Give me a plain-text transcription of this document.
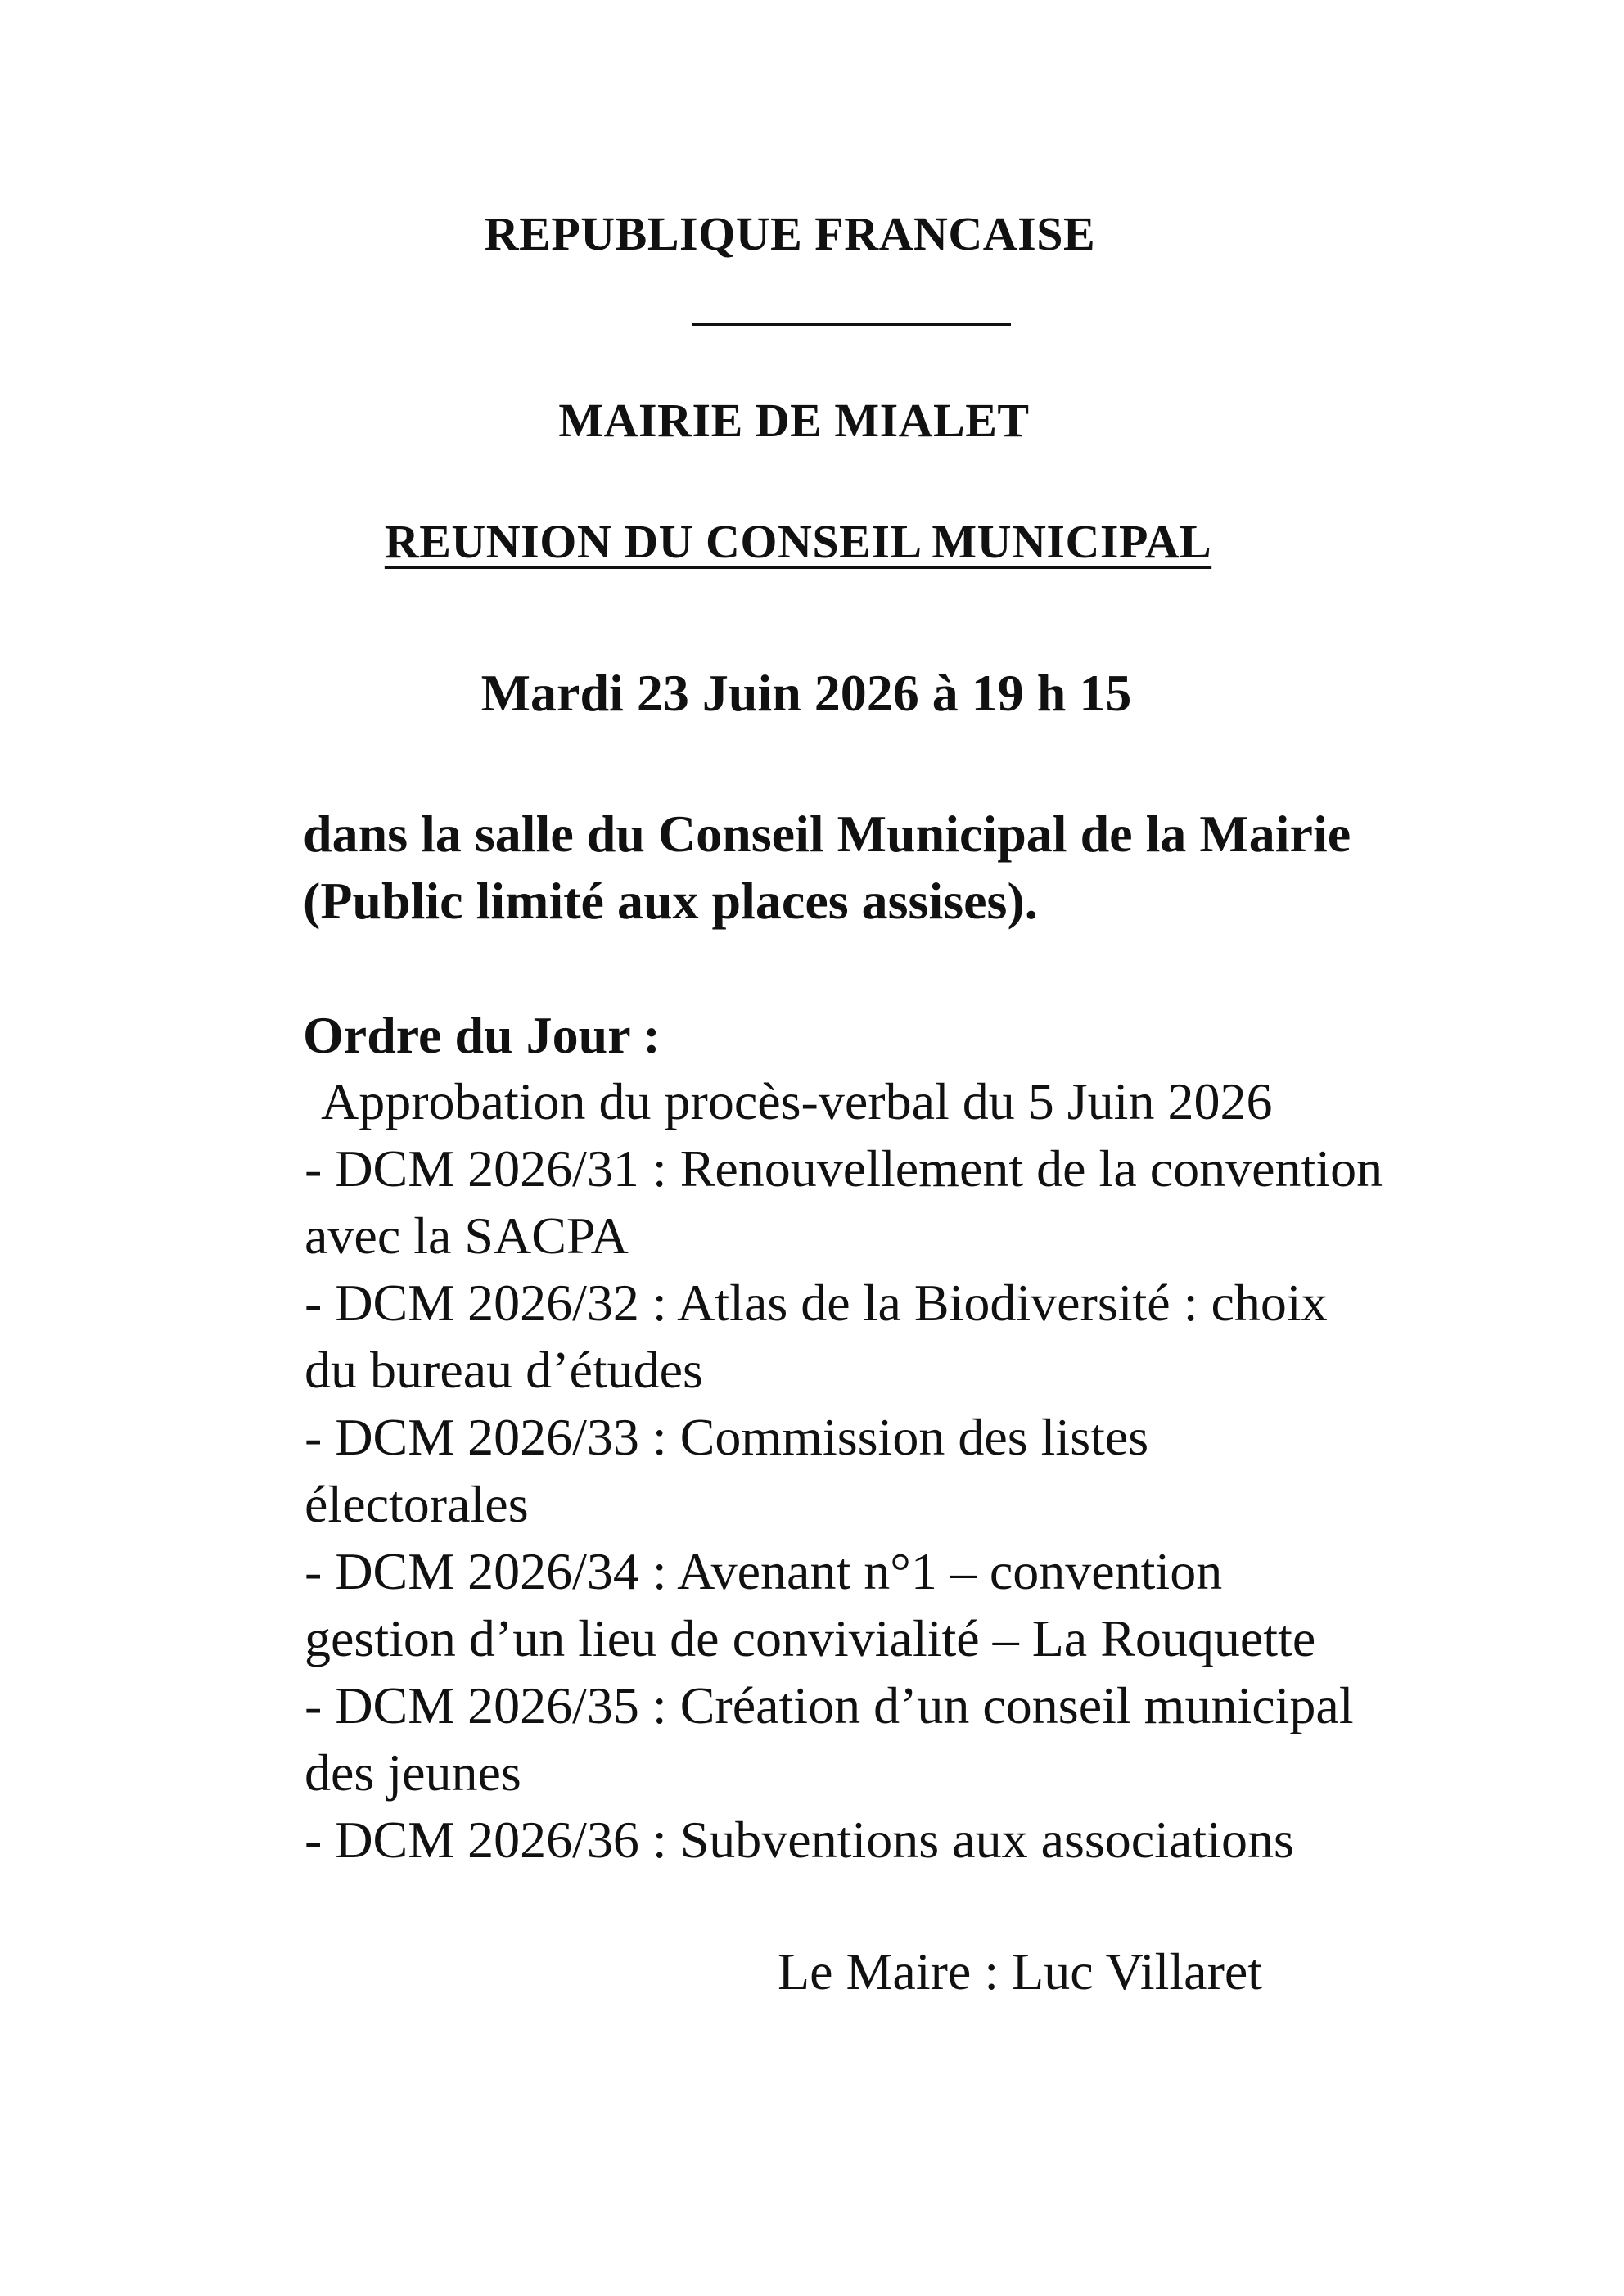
REPUBLIQUE FRANCAISE
MAIRIE DE MIALET
REUNION DU CONSEIL MUNICIPAL
Mardi 23 Juin 2026 à 19 h 15
dans la salle du Conseil Municipal de la Mairie
(Public limité aux places assises).
Ordre du Jour :
Approbation du procès-verbal du 5 Juin 2026
- DCM 2026/31 : Renouvellement de la convention
avec la SACPA
- DCM 2026/32 : Atlas de la Biodiversité : choix
du bureau d’études
- DCM 2026/33 : Commission des listes
électorales
- DCM 2026/34 : Avenant n°1 – convention
gestion d’un lieu de convivialité – La Rouquette
- DCM 2026/35 : Création d’un conseil municipal
des jeunes
- DCM 2026/36 : Subventions aux associations
Le Maire : Luc Villaret
